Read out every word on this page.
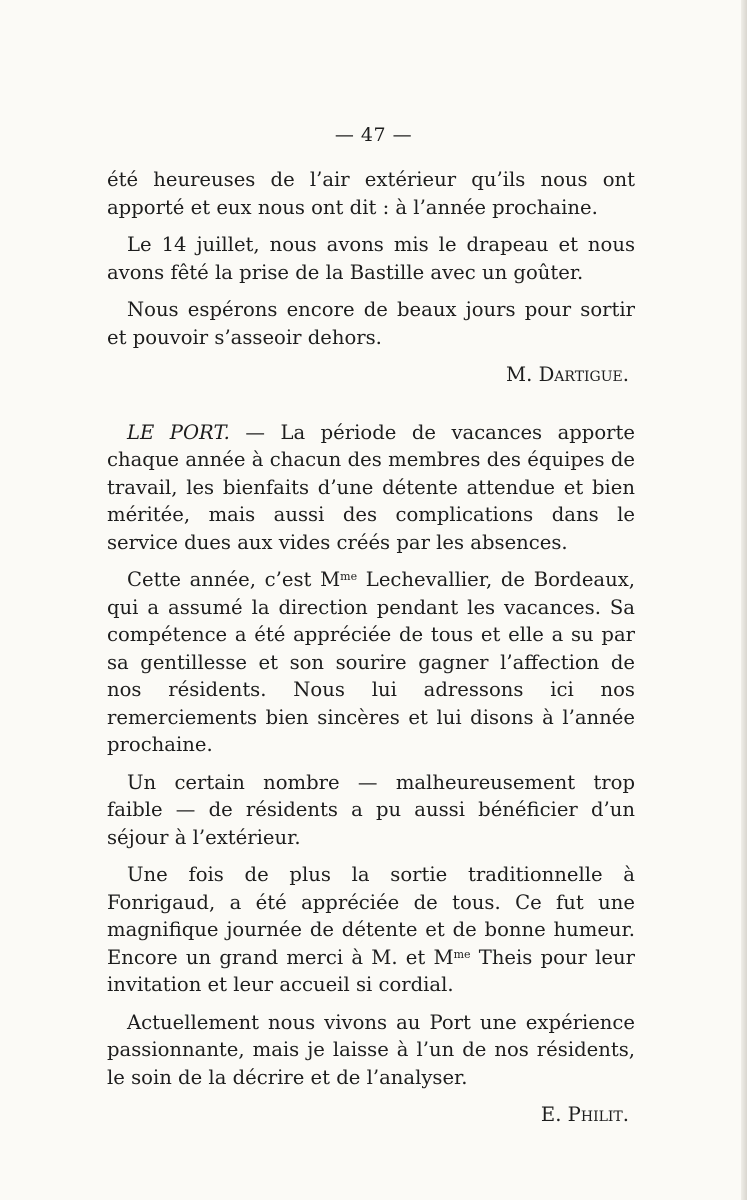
— 47 —

été heureuses de l’air extérieur qu’ils nous ont apporté et eux nous ont dit : à l’année prochaine.

Le 14 juillet, nous avons mis le drapeau et nous avons fêté la prise de la Bastille avec un goûter.

Nous espérons encore de beaux jours pour sortir et pouvoir s’asseoir dehors.

M. Dartigue.

LE PORT. — La période de vacances apporte chaque année à chacun des membres des équipes de travail, les bienfaits d’une détente attendue et bien méritée, mais aussi des complications dans le service dues aux vides créés par les absences.

Cette année, c’est $M^{me}$ Lechevallier, de Bordeaux, qui a assumé la direction pendant les vacances. Sa compétence a été appréciée de tous et elle a su par sa gentillesse et son sourire gagner l’affection de nos résidents. Nous lui adressons ici nos remerciements bien sincères et lui disons à l’année prochaine.

Un certain nombre — malheureusement trop faible — de résidents a pu aussi bénéficier d’un séjour à l’extérieur.

Une fois de plus la sortie traditionnelle à Fonrigaud, a été appréciée de tous. Ce fut une magnifique journée de détente et de bonne humeur. Encore un grand merci à M. et $M^{me}$ Theis pour leur invitation et leur accueil si cordial.

Actuellement nous vivons au Port une expérience passionnante, mais je laisse à l’un de nos résidents, le soin de la décrire et de l’analyser.

E. Philit.
